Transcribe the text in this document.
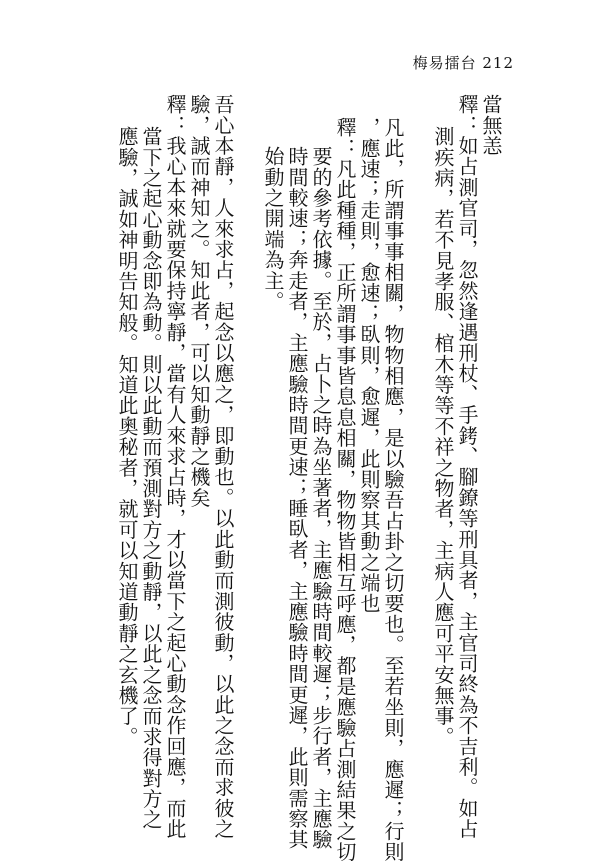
梅易擂台 212
當無恙
釋：如占測官司，忽然逢遇刑杖、手銬、腳鐐等刑具者，主官司終為不吉利。如占
測疾病，若不見孝服、棺木等等不祥之物者，主病人應可平安無事。
凡此，所謂事事相關，物物相應，是以驗吾占卦之切要也。至若坐則，應遲；行則
，應速；走則，愈速；臥則，愈遲，此則察其動之端也
釋：凡此種種，正所謂事事皆息息相關，物物皆相互呼應，都是應驗占測結果之切
要的參考依據。至於，占卜之時為坐著者，主應驗時間較遲；步行者，主應驗
時間較速；奔走者，主應驗時間更速；睡臥者，主應驗時間更遲，此則需察其
始動之開端為主。
吾心本靜，人來求占，起念以應之，即動也。以此動而測彼動，以此之念而求彼之
驗，誠而神知之。知此者，可以知動靜之機矣
釋：我心本來就要保持寧靜，當有人來求占時，才以當下之起心動念作回應，而此
當下之起心動念即為動。則以此動而預測對方之動靜，以此之念而求得對方之
應驗，誠如神明告知般。知道此奧秘者，就可以知道動靜之玄機了。
